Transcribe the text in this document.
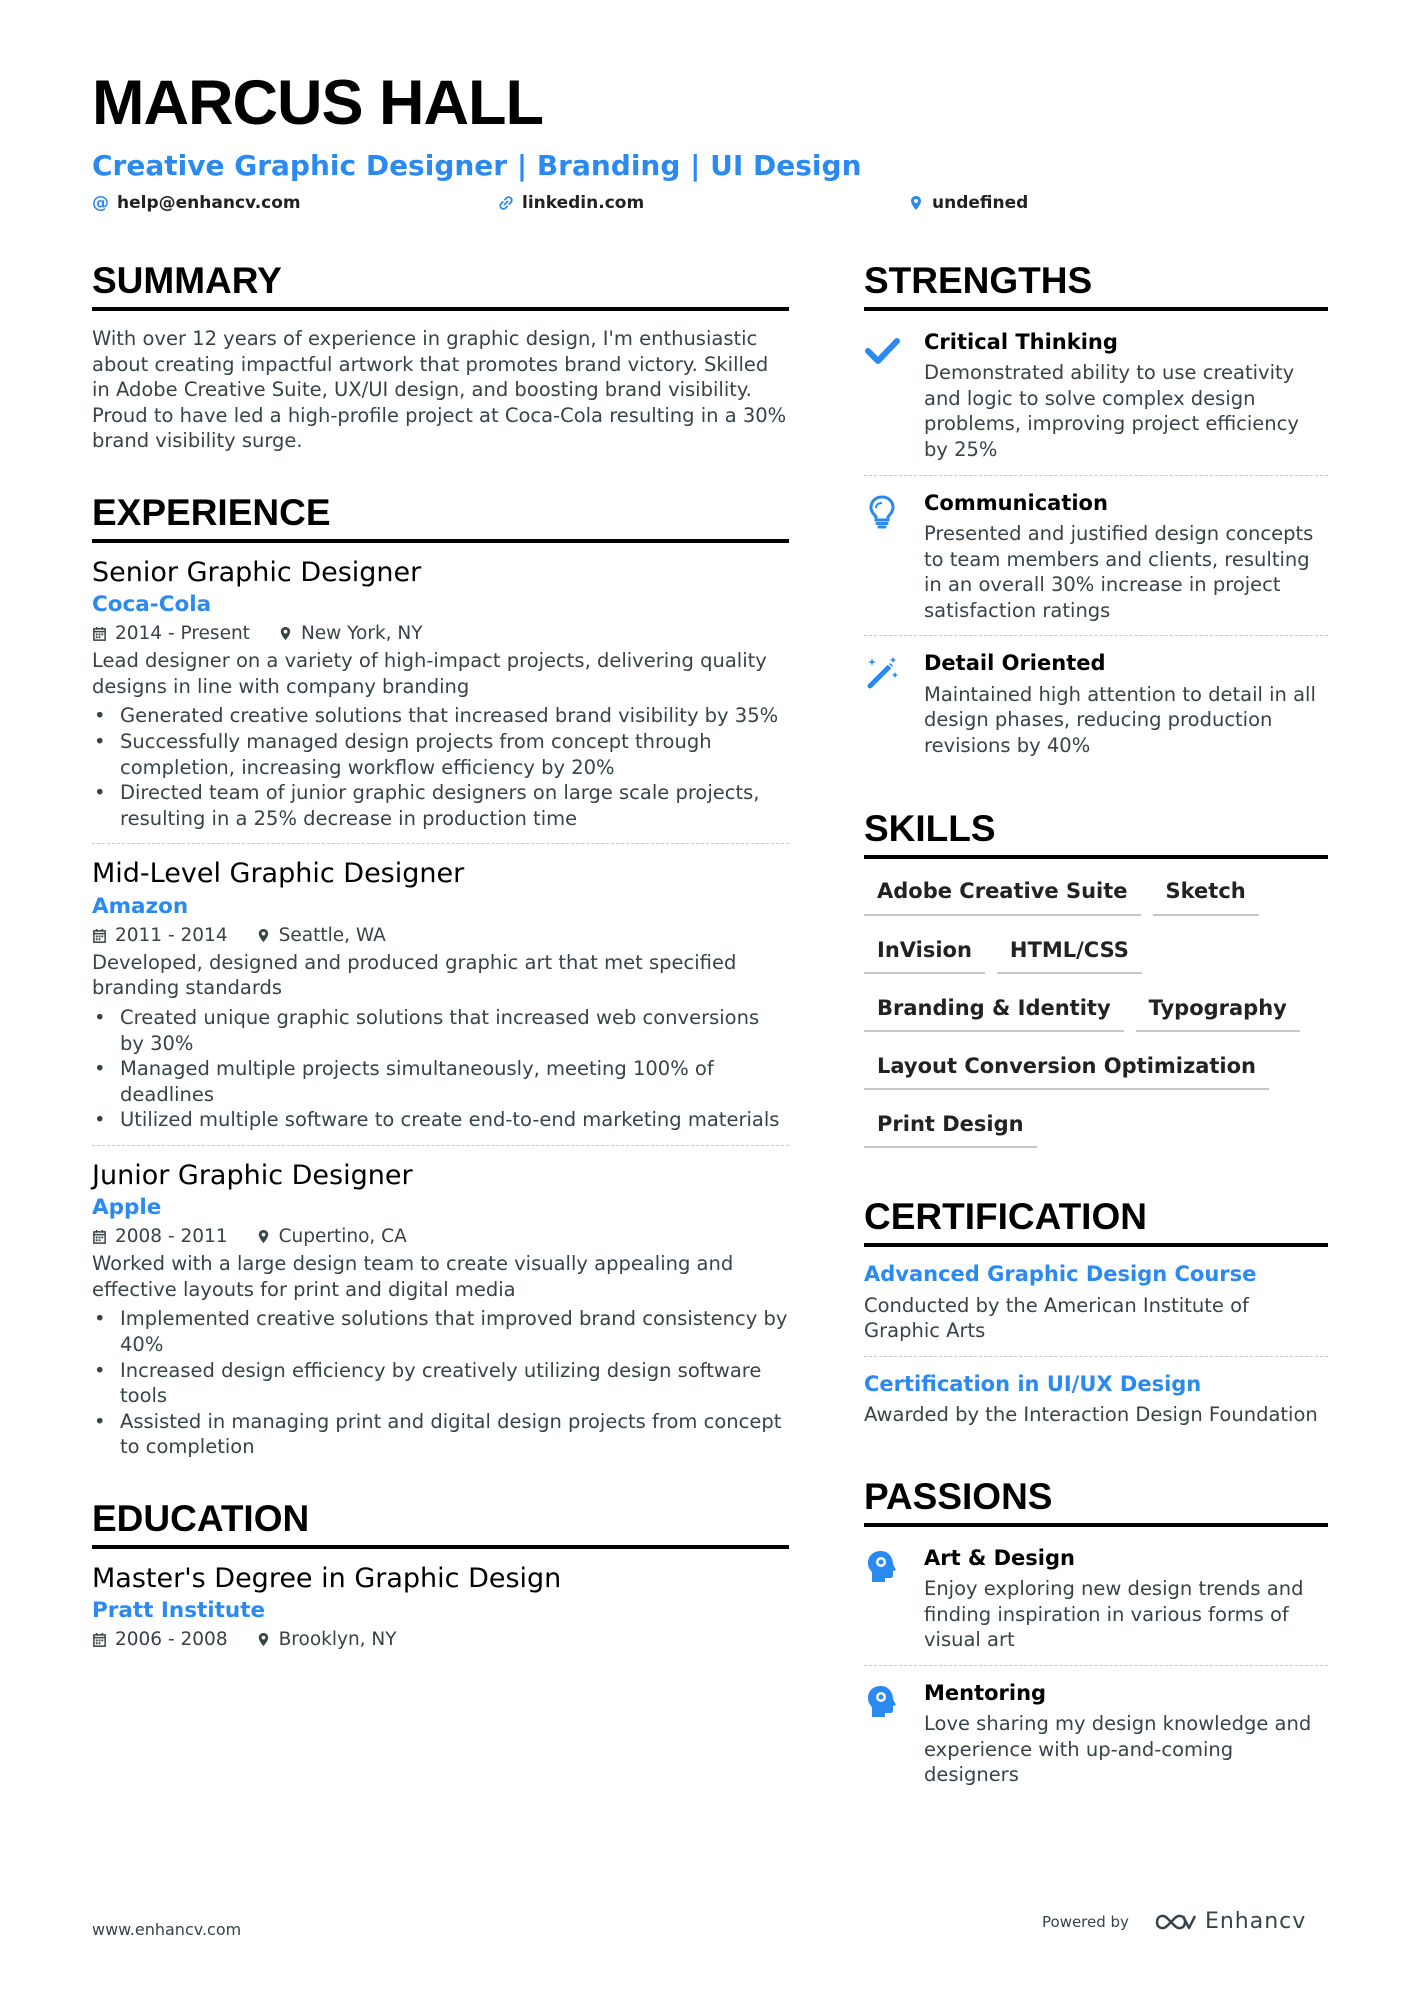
MARCUS HALL
Creative Graphic Designer | Branding | UI Design
@ help@enhancv.com	linkedin.com	undefined
SUMMARY

With over 12 years of experience in graphic design, I'm enthusiastic about creating impactful artwork that promotes brand victory. Skilled in Adobe Creative Suite, UX/UI design, and boosting brand visibility. Proud to have led a high-profile project at Coca-Cola resulting in a 30% brand visibility surge.

EXPERIENCE
Senior Graphic Designer
Coca-Cola
2014 - Present	New York, NY

Lead designer on a variety of high-impact projects, delivering quality designs in line with company branding

• Generated creative solutions that increased brand visibility by 35%
• Successfully managed design projects from concept through completion, increasing workflow efficiency by 20%
• Directed team of junior graphic designers on large scale projects, resulting in a 25% decrease in production time
Mid-Level Graphic Designer
Amazon
2011 - 2014	Seattle, WA

Developed, designed and produced graphic art that met specified branding standards

• Created unique graphic solutions that increased web conversions by 30%
• Managed multiple projects simultaneously, meeting 100% of deadlines
• Utilized multiple software to create end-to-end marketing materials
Junior Graphic Designer
Apple
2008 - 2011	Cupertino, CA

Worked with a large design team to create visually appealing and effective layouts for print and digital media

• Implemented creative solutions that improved brand consistency by 40%
• Increased design efficiency by creatively utilizing design software tools
• Assisted in managing print and digital design projects from concept to completion
EDUCATION
Master's Degree in Graphic Design
Pratt Institute
2006 - 2008	Brooklyn, NY
STRENGTHS
Critical Thinking

Demonstrated ability to use creativity and logic to solve complex design problems, improving project efficiency by 25%

Communication

Presented and justified design concepts to team members and clients, resulting in an overall 30% increase in project satisfaction ratings

Detail Oriented

Maintained high attention to detail in all design phases, reducing production revisions by 40%

SKILLS
Adobe Creative Suite	Sketch
InVision	HTML/CSS
Branding & Identity	Typography
Layout Conversion Optimization
Print Design
CERTIFICATION
Advanced Graphic Design Course

Conducted by the American Institute of Graphic Arts

Certification in UI/UX Design

Awarded by the Interaction Design Foundation

PASSIONS
Art & Design

Enjoy exploring new design trends and finding inspiration in various forms of visual art

Mentoring

Love sharing my design knowledge and experience with up-and-coming designers

www.enhancv.com	Powered by	Enhancv
